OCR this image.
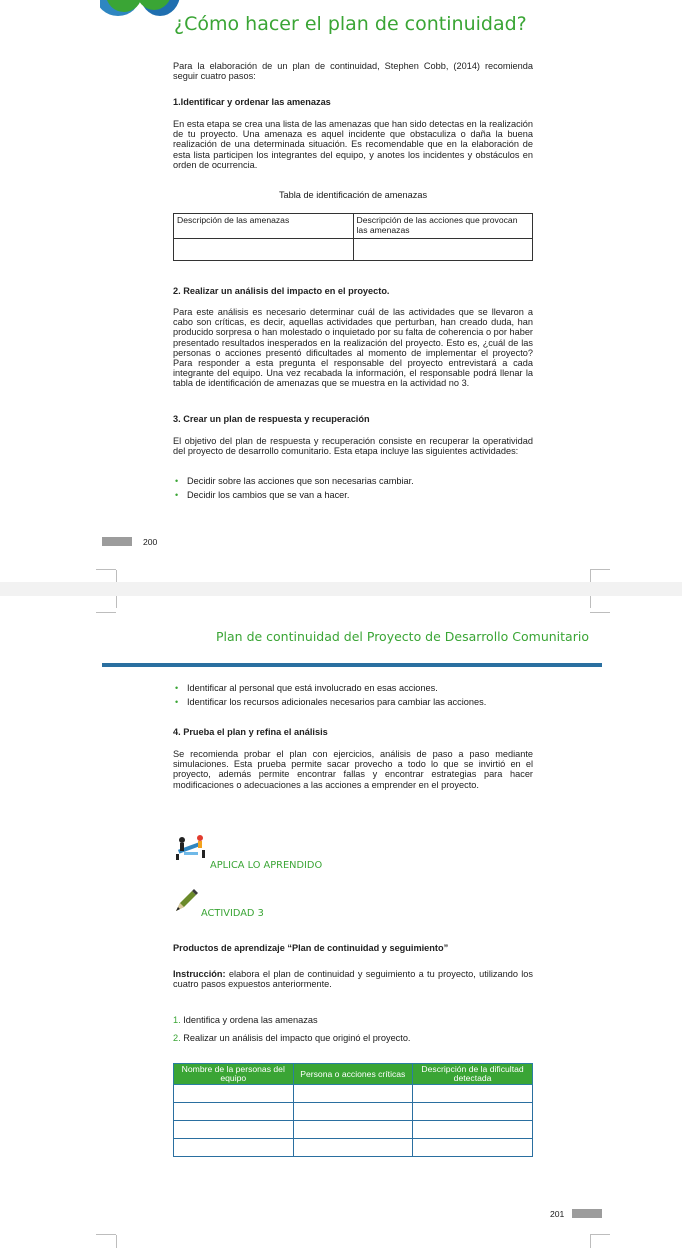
¿Cómo hacer el plan de continuidad?

Para la elaboración de un plan de continuidad, Stephen Cobb, (2014) recomienda seguir cuatro pasos:

1.Identificar y ordenar las amenazas

En esta etapa se crea una lista de las amenazas que han sido detectas en la realización de tu proyecto. Una amenaza es aquel incidente que obstaculiza o daña la buena realización de una determinada situación. Es recomendable que en la elaboración de esta lista participen los integrantes del equipo, y anotes los incidentes y obstáculos en orden de ocurrencia.

Tabla de identificación de amenazas

Descripción de las amenazas	Descripción de las acciones que provocan las amenazas

2. Realizar un análisis del impacto en el proyecto.

Para este análisis es necesario determinar cuál de las actividades que se llevaron a cabo son críticas, es decir, aquellas actividades que perturban, han creado duda, han producido sorpresa o han molestado o inquietado por su falta de coherencia o por haber presentado resultados inesperados en la realización del proyecto. Esto es, ¿cuál de las personas o acciones presentó dificultades al momento de implementar el proyecto? Para responder a esta pregunta el responsable del proyecto entrevistará a cada integrante del equipo. Una vez recabada la información, el responsable podrá llenar la tabla de identificación de amenazas que se muestra en la actividad no 3.

3. Crear un plan de respuesta y recuperación

El objetivo del plan de respuesta y recuperación consiste en recuperar la operatividad del proyecto de desarrollo comunitario. Esta etapa incluye las siguientes actividades:

• Decidir sobre las acciones que son necesarias cambiar.
• Decidir los cambios que se van a hacer.
200
Plan de continuidad del Proyecto de Desarrollo Comunitario
• Identificar al personal que está involucrado en esas acciones.
• Identificar los recursos adicionales necesarios para cambiar las acciones.

4. Prueba el plan y refina el análisis

Se recomienda probar el plan con ejercicios, análisis de paso a paso mediante simulaciones. Esta prueba permite sacar provecho a todo lo que se invirtió en el proyecto, además permite encontrar fallas y encontrar estrategias para hacer modificaciones o adecuaciones a las acciones a emprender en el proyecto.

APLICA LO APRENDIDO
ACTIVIDAD 3

Productos de aprendizaje “Plan de continuidad y seguimiento”

Instrucción: elabora el plan de continuidad y seguimiento a tu proyecto, utilizando los cuatro pasos expuestos anteriormente.

1. Identifica y ordena las amenazas
2. Realizar un análisis del impacto que originó el proyecto.
Nombre de la personas del equipo	Persona o acciones críticas	Descripción de la dificultad detectada

201
